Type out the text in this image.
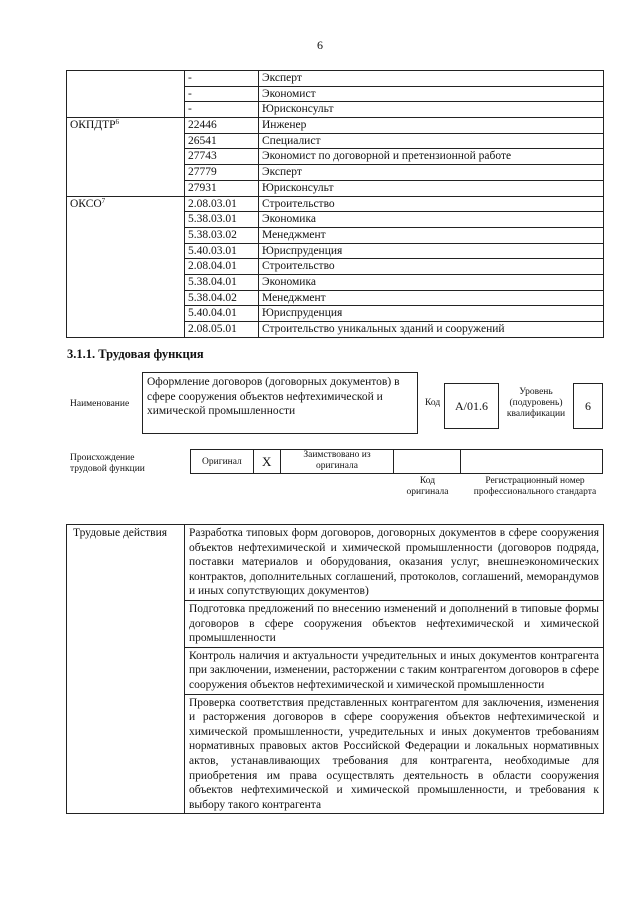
6
	-	Эксперт
	-	Экономист
	-	Юрисконсульт
ОКПДТР$^6$	22446	Инженер
	26541	Специалист
	27743	Экономист по договорной и претензионной работе
	27779	Эксперт
	27931	Юрисконсульт
ОКСО$^7$	2.08.03.01	Строительство
	5.38.03.01	Экономика
	5.38.03.02	Менеджмент
	5.40.03.01	Юриспруденция
	2.08.04.01	Строительство
	5.38.04.01	Экономика
	5.38.04.02	Менеджмент
	5.40.04.01	Юриспруденция
	2.08.05.01	Строительство уникальных зданий и сооружений
3.1.1. Трудовая функция
Наименование
Оформление договоров (договорных документов) в сфере сооружения объектов нефтехимической и химической промышленности
Код	А/01.6
Уровень (подуровень) квалификации
6
Происхождение трудовой функции
Оригинал Х	Заимствовано из оригинала
Код оригинала
Регистрационный номер профессионального стандарта
Трудовые действия	Разработка типовых форм договоров, договорных документов в сфере сооружения объектов нефтехимической и химической промышленности (договоров подряда, поставки материалов и оборудования, оказания услуг, внешнеэкономических контрактов, дополнительных соглашений, протоколов, соглашений, меморандумов и иных сопутствующих документов)
Подготовка предложений по внесению изменений и дополнений в типовые формы договоров в сфере сооружения объектов нефтехимической и химической промышленности
Контроль наличия и актуальности учредительных и иных документов контрагента при заключении, изменении, расторжении с таким контрагентом договоров в сфере сооружения объектов нефтехимической и химической промышленности
Проверка соответствия представленных контрагентом для заключения, изменения и расторжения договоров в сфере сооружения объектов нефтехимической и химической промышленности, учредительных и иных документов требованиям нормативных правовых актов Российской Федерации и локальных нормативных актов, устанавливающих требования для контрагента, необходимые для приобретения им права осуществлять деятельность в области сооружения объектов нефтехимической и химической промышленности, и требования к выбору такого контрагента
